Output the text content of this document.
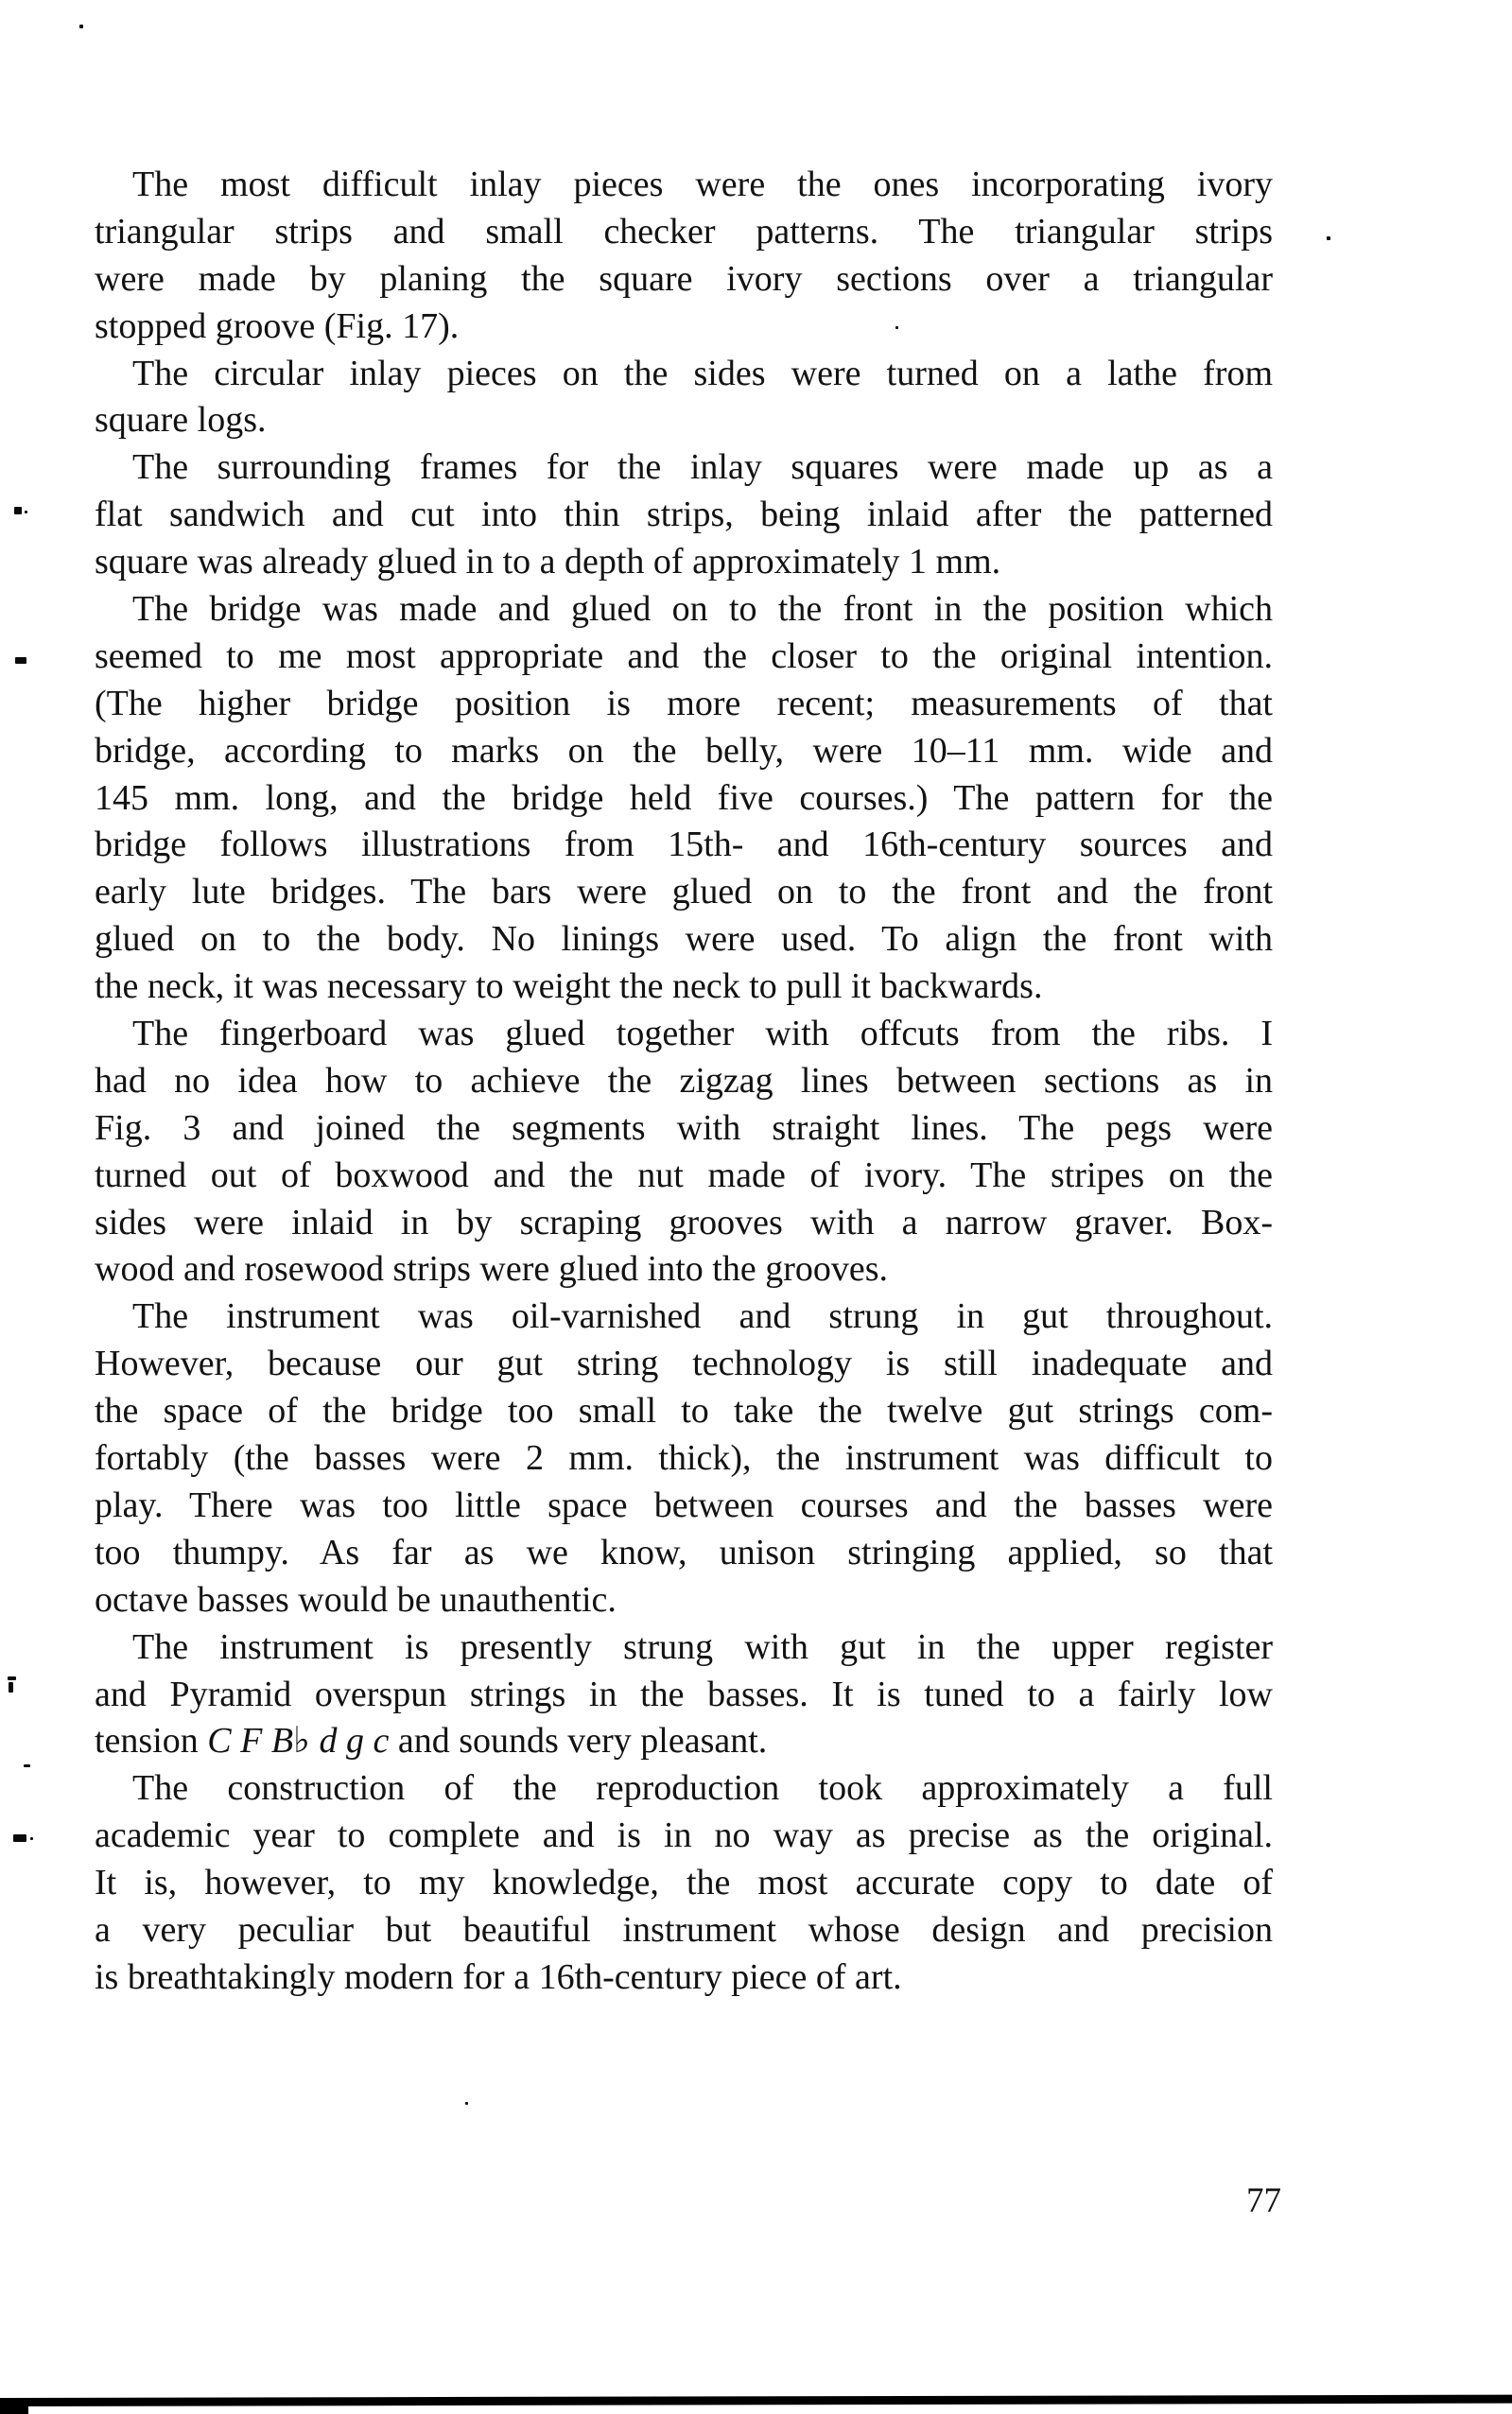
The most difficult inlay pieces were the ones incorporating ivory
triangular strips and small checker patterns. The triangular strips
were made by planing the square ivory sections over a triangular
stopped groove (Fig. 17).
The circular inlay pieces on the sides were turned on a lathe from
square logs.
The surrounding frames for the inlay squares were made up as a
flat sandwich and cut into thin strips, being inlaid after the patterned
square was already glued in to a depth of approximately 1 mm.
The bridge was made and glued on to the front in the position which
seemed to me most appropriate and the closer to the original intention.
(The higher bridge position is more recent; measurements of that
bridge, according to marks on the belly, were 10–11 mm. wide and
145 mm. long, and the bridge held five courses.) The pattern for the
bridge follows illustrations from 15th- and 16th-century sources and
early lute bridges. The bars were glued on to the front and the front
glued on to the body. No linings were used. To align the front with
the neck, it was necessary to weight the neck to pull it backwards.
The fingerboard was glued together with offcuts from the ribs. I
had no idea how to achieve the zigzag lines between sections as in
Fig. 3 and joined the segments with straight lines. The pegs were
turned out of boxwood and the nut made of ivory. The stripes on the
sides were inlaid in by scraping grooves with a narrow graver. Box-
wood and rosewood strips were glued into the grooves.
The instrument was oil-varnished and strung in gut throughout.
However, because our gut string technology is still inadequate and
the space of the bridge too small to take the twelve gut strings com-
fortably (the basses were 2 mm. thick), the instrument was difficult to
play. There was too little space between courses and the basses were
too thumpy. As far as we know, unison stringing applied, so that
octave basses would be unauthentic.
The instrument is presently strung with gut in the upper register
and Pyramid overspun strings in the basses. It is tuned to a fairly low
tension C F B♭ d g c and sounds very pleasant.
The construction of the reproduction took approximately a full
academic year to complete and is in no way as precise as the original.
It is, however, to my knowledge, the most accurate copy to date of
a very peculiar but beautiful instrument whose design and precision
is breathtakingly modern for a 16th-century piece of art.
77
